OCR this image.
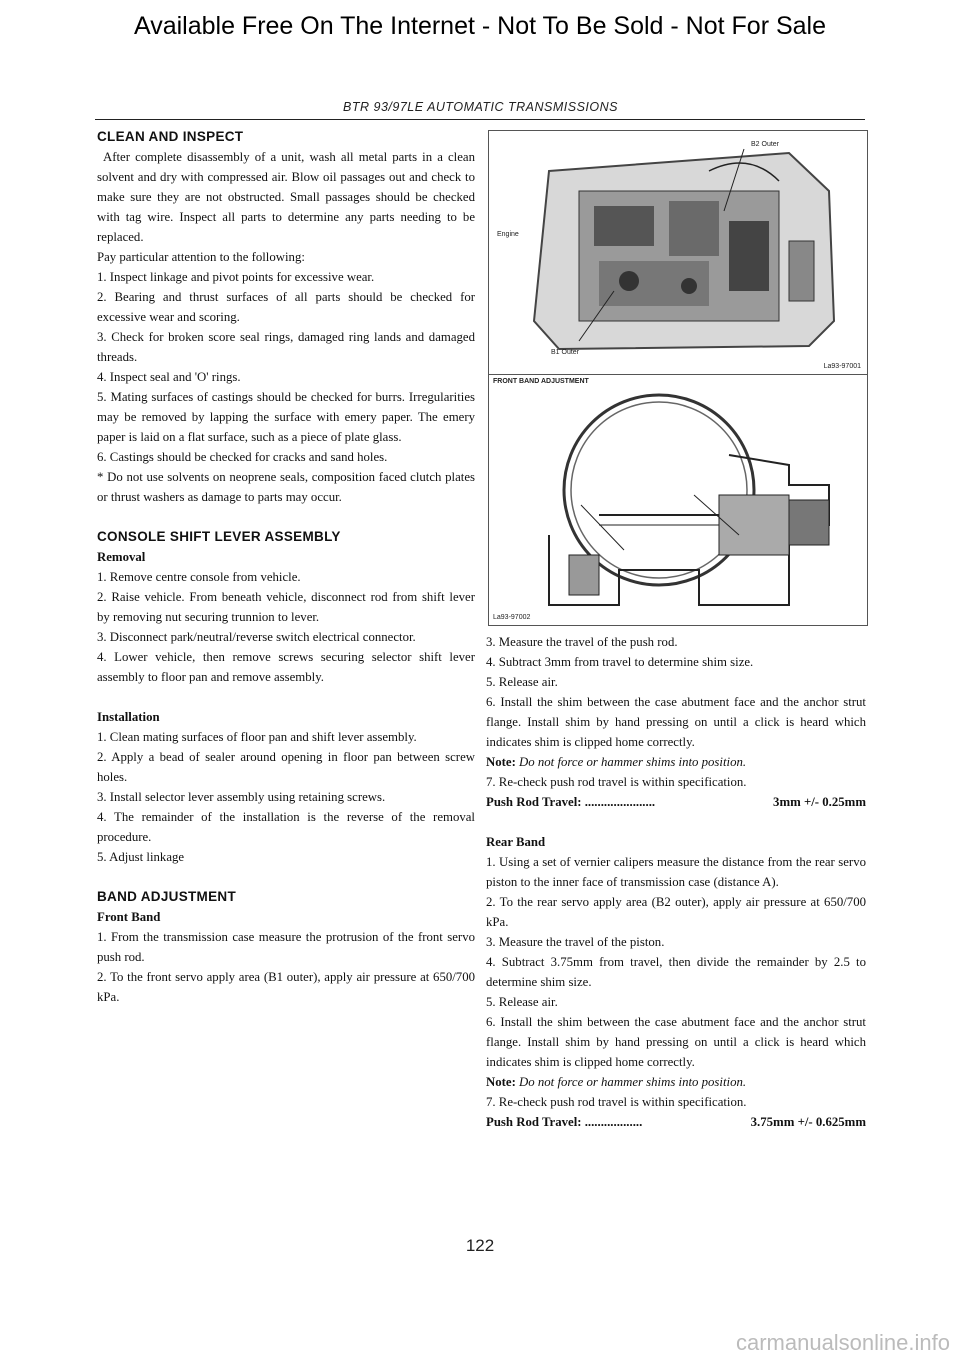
Available Free On The Internet - Not To Be Sold - Not For Sale
BTR 93/97LE AUTOMATIC TRANSMISSIONS

CLEAN AND INSPECT

After complete disassembly of a unit, wash all metal parts in a clean solvent and dry with compressed air. Blow oil passages out and check to make sure they are not obstructed. Small passages should be checked with tag wire. Inspect all parts to determine any parts needing to be replaced.

Pay particular attention to the following:

1. Inspect linkage and pivot points for excessive wear.

2. Bearing and thrust surfaces of all parts should be checked for excessive wear and scoring.

3. Check for broken score seal rings, damaged ring lands and damaged threads.

4. Inspect seal and 'O' rings.

5. Mating surfaces of castings should be checked for burrs. Irregularities may be removed by lapping the surface with emery paper. The emery paper is laid on a flat surface, such as a piece of plate glass.

6. Castings should be checked for cracks and sand holes.

* Do not use solvents on neoprene seals, composition faced clutch plates or thrust washers as damage to parts may occur.

CONSOLE SHIFT LEVER ASSEMBLY

Removal

1. Remove centre console from vehicle.

2. Raise vehicle. From beneath vehicle, disconnect rod from shift lever by removing nut securing trunnion to lever.

3. Disconnect park/neutral/reverse switch electrical connector.

4. Lower vehicle, then remove screws securing selector shift lever assembly to floor pan and remove assembly.

Installation

1. Clean mating surfaces of floor pan and shift lever assembly.

2. Apply a bead of sealer around opening in floor pan between screw holes.

3. Install selector lever assembly using retaining screws.

4. The remainder of the installation is the reverse of the removal procedure.

5. Adjust linkage

BAND ADJUSTMENT

Front Band

1. From the transmission case measure the protrusion of the front servo push rod.

2. To the front servo apply area (B1 outer), apply air pressure at 650/700 kPa.

B2 Outer
Engine
B1 Outer
La93-97001
FRONT BAND ADJUSTMENT
La93-97002

3. Measure the travel of the push rod.

4. Subtract 3mm from travel to determine shim size.

5. Release air.

6. Install the shim between the case abutment face and the anchor strut flange. Install shim by hand pressing on until a click is heard which indicates shim is clipped home correctly.

Note: Do not force or hammer shims into position.

7. Re-check push rod travel is within specification.

Push Rod Travel: ......................	3mm +/- 0.25mm

Rear Band

1. Using a set of vernier calipers measure the distance from the rear servo piston to the inner face of transmission case (distance A).

2. To the rear servo apply area (B2 outer), apply air pressure at 650/700 kPa.

3. Measure the travel of the piston.

4. Subtract 3.75mm from travel, then divide the remainder by 2.5 to determine shim size.

5. Release air.

6. Install the shim between the case abutment face and the anchor strut flange. Install shim by hand pressing on until a click is heard which indicates shim is clipped home correctly.

Note: Do not force or hammer shims into position.

7. Re-check push rod travel is within specification.

Push Rod Travel: ..................	3.75mm +/- 0.625mm

122
carmanualsonline.info
